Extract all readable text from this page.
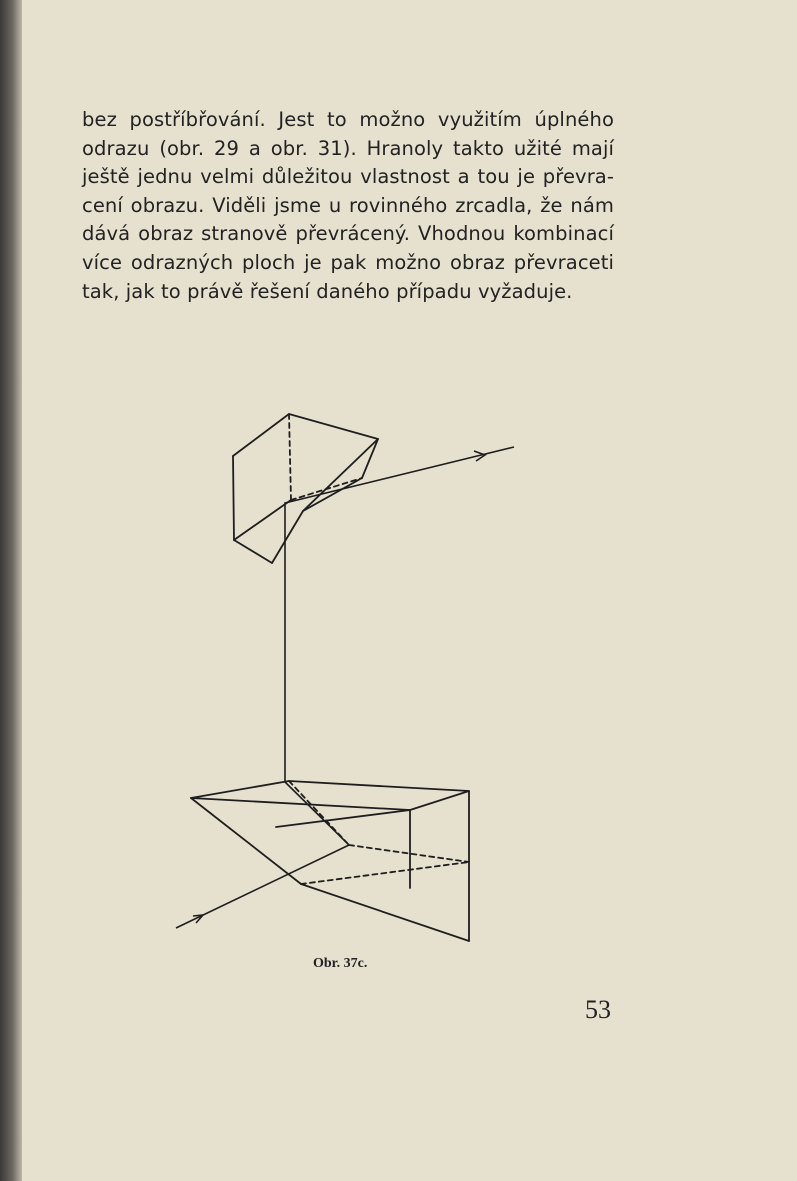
bez postříbřování. Jest to možno využitím úplného
odrazu (obr. 29 a obr. 31). Hranoly takto užité mají
ještě jednu velmi důležitou vlastnost a tou je převra-
cení obrazu. Viděli jsme u rovinného zrcadla, že nám
dává obraz stranově převrácený. Vhodnou kombinací
více odrazných ploch je pak možno obraz převraceti
tak, jak to právě řešení daného případu vyžaduje.
Obr. 37c.
53
